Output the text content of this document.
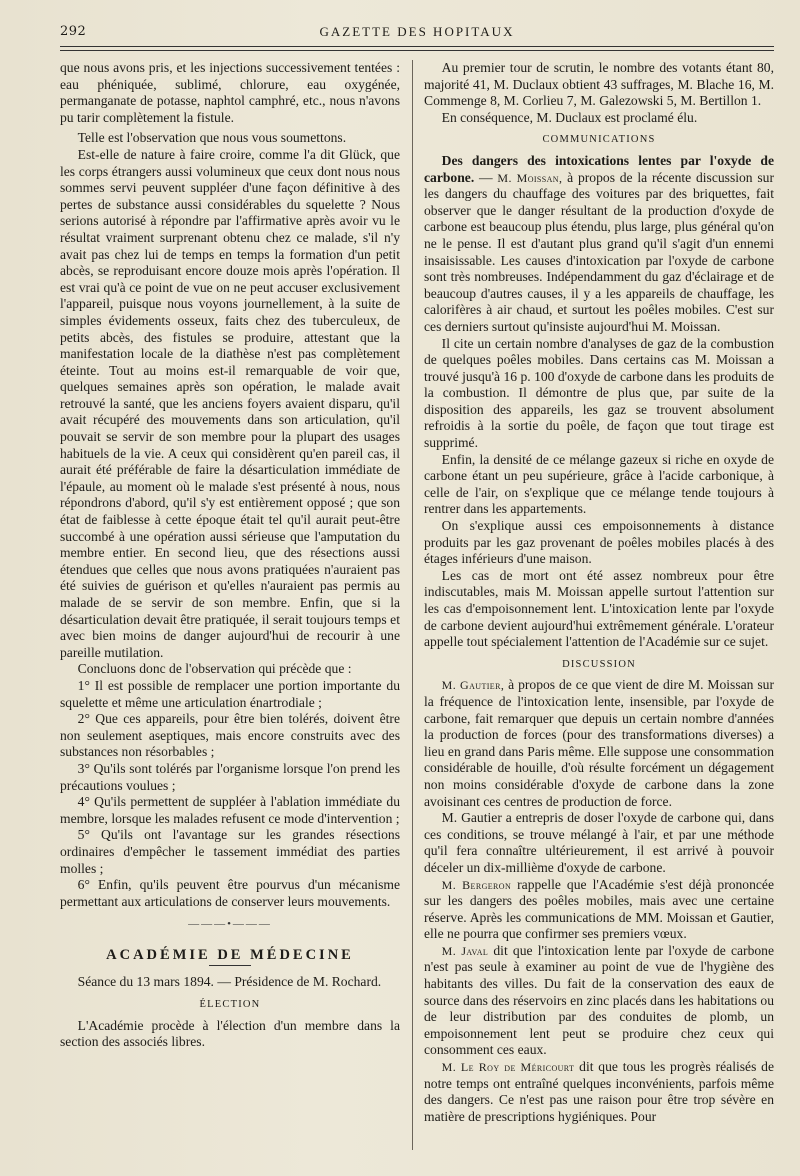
292	GAZETTE DES HOPITAUX

que nous avons pris, et les injections successivement tentées : eau phéniquée, sublimé, chlorure, eau oxygénée, permanganate de potasse, naphtol camphré, etc., nous n'avons pu tarir complètement la fistule.

Telle est l'observation que nous vous soumettons.

Est-elle de nature à faire croire, comme l'a dit Glück, que les corps étrangers aussi volumineux que ceux dont nous nous sommes servi peuvent suppléer d'une façon définitive à des pertes de substance aussi considérables du squelette ? Nous serions autorisé à répondre par l'affirmative après avoir vu le résultat vraiment surprenant obtenu chez ce malade, s'il n'y avait pas chez lui de temps en temps la formation d'un petit abcès, se reproduisant encore douze mois après l'opération. Il est vrai qu'à ce point de vue on ne peut accuser exclusivement l'appareil, puisque nous voyons journellement, à la suite de simples évidements osseux, faits chez des tuberculeux, de petits abcès, des fistules se produire, attestant que la manifestation locale de la diathèse n'est pas complètement éteinte. Tout au moins est-il remarquable de voir que, quelques semaines après son opération, le malade avait retrouvé la santé, que les anciens foyers avaient disparu, qu'il avait récupéré des mouvements dans son articulation, qu'il pouvait se servir de son membre pour la plupart des usages habituels de la vie. A ceux qui considèrent qu'en pareil cas, il aurait été préférable de faire la désarticulation immédiate de l'épaule, au moment où le malade s'est présenté à nous, nous répondrons d'abord, qu'il s'y est entièrement opposé ; que son état de faiblesse à cette époque était tel qu'il aurait peut-être succombé à une opération aussi sérieuse que l'amputation du membre entier. En second lieu, que des résections aussi étendues que celles que nous avons pratiquées n'auraient pas été suivies de guérison et qu'elles n'auraient pas permis au malade de se servir de son membre. Enfin, que si la désarticulation devait être pratiquée, il serait toujours temps et avec bien moins de danger aujourd'hui de recourir à une pareille mutilation.

Concluons donc de l'observation qui précède que :

1° Il est possible de remplacer une portion importante du squelette et même une articulation énartrodiale ;

2° Que ces appareils, pour être bien tolérés, doivent être non seulement aseptiques, mais encore construits avec des substances non résorbables ;

3° Qu'ils sont tolérés par l'organisme lorsque l'on prend les précautions voulues ;

4° Qu'ils permettent de suppléer à l'ablation immédiate du membre, lorsque les malades refusent ce mode d'intervention ;

5° Qu'ils ont l'avantage sur les grandes résections ordinaires d'empêcher le tassement immédiat des parties molles ;

6° Enfin, qu'ils peuvent être pourvus d'un mécanisme permettant aux articulations de conserver leurs mouvements.

———•———
ACADÉMIE DE MÉDECINE

Séance du 13 mars 1894. — Présidence de M. Rochard.

ÉLECTION

L'Académie procède à l'élection d'un membre dans la section des associés libres.

Au premier tour de scrutin, le nombre des votants étant 80, majorité 41, M. Duclaux obtient 43 suffrages, M. Blache 16, M. Commenge 8, M. Corlieu 7, M. Galezowski 5, M. Bertillon 1.

En conséquence, M. Duclaux est proclamé élu.

COMMUNICATIONS

Des dangers des intoxications lentes par l'oxyde de carbone. — M. Moissan, à propos de la récente discussion sur les dangers du chauffage des voitures par des briquettes, fait observer que le danger résultant de la production d'oxyde de carbone est beaucoup plus étendu, plus large, plus général qu'on ne le pense. Il est d'autant plus grand qu'il s'agit d'un ennemi insaisissable. Les causes d'intoxication par l'oxyde de carbone sont très nombreuses. Indépendamment du gaz d'éclairage et de beaucoup d'autres causes, il y a les appareils de chauffage, les calorifères à air chaud, et surtout les poêles mobiles. C'est sur ces derniers surtout qu'insiste aujourd'hui M. Moissan.

Il cite un certain nombre d'analyses de gaz de la combustion de quelques poêles mobiles. Dans certains cas M. Moissan a trouvé jusqu'à 16 p. 100 d'oxyde de carbone dans les produits de la combustion. Il démontre de plus que, par suite de la disposition des appareils, les gaz se trouvent absolument refroidis à la sortie du poêle, de façon que tout tirage est supprimé.

Enfin, la densité de ce mélange gazeux si riche en oxyde de carbone étant un peu supérieure, grâce à l'acide carbonique, à celle de l'air, on s'explique que ce mélange tende toujours à rentrer dans les appartements.

On s'explique aussi ces empoisonnements à distance produits par les gaz provenant de poêles mobiles placés à des étages inférieurs d'une maison.

Les cas de mort ont été assez nombreux pour être indiscutables, mais M. Moissan appelle surtout l'attention sur les cas d'empoisonnement lent. L'intoxication lente par l'oxyde de carbone devient aujourd'hui extrêmement générale. L'orateur appelle tout spécialement l'attention de l'Académie sur ce sujet.

DISCUSSION

M. Gautier, à propos de ce que vient de dire M. Moissan sur la fréquence de l'intoxication lente, insensible, par l'oxyde de carbone, fait remarquer que depuis un certain nombre d'années la production de forces (pour des transformations diverses) a lieu en grand dans Paris même. Elle suppose une consommation considérable de houille, d'où résulte forcément un dégagement non moins considérable d'oxyde de carbone dans la zone avoisinant ces centres de production de force.

M. Gautier a entrepris de doser l'oxyde de carbone qui, dans ces conditions, se trouve mélangé à l'air, et par une méthode qu'il fera connaître ultérieurement, il est arrivé à pouvoir déceler un dix-millième d'oxyde de carbone.

M. Bergeron rappelle que l'Académie s'est déjà prononcée sur les dangers des poêles mobiles, mais avec une certaine réserve. Après les communications de MM. Moissan et Gautier, elle ne pourra que confirmer ses premiers vœux.

M. Javal dit que l'intoxication lente par l'oxyde de carbone n'est pas seule à examiner au point de vue de l'hygiène des habitants des villes. Du fait de la conservation des eaux de source dans des réservoirs en zinc placés dans les habitations ou de leur distribution par des conduites de plomb, un empoisonnement lent peut se produire chez ceux qui consomment ces eaux.

M. Le Roy de Méricourt dit que tous les progrès réalisés de notre temps ont entraîné quelques inconvénients, parfois même des dangers. Ce n'est pas une raison pour être trop sévère en matière de prescriptions hygiéniques. Pour
